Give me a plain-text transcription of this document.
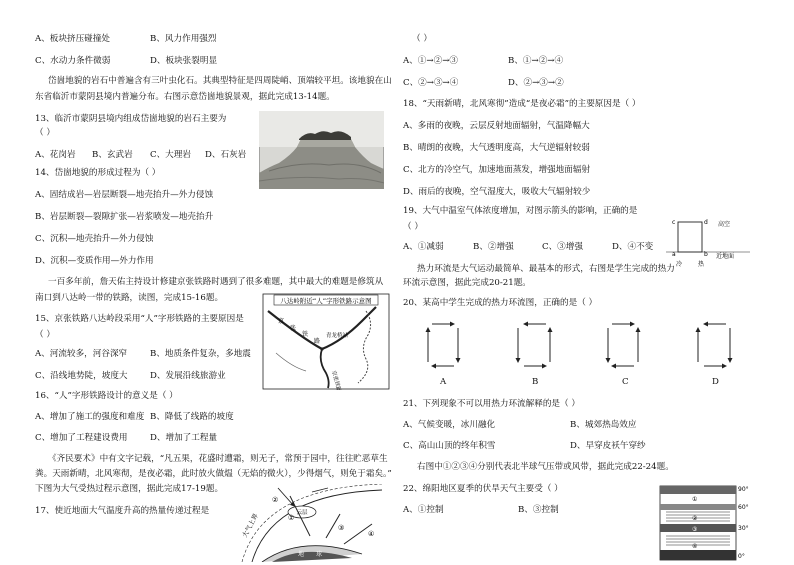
A、板块挤压碰撞处	B、风力作用强烈
C、水动力条件微弱	D、板块张裂明显
岱崮地貌的岩石中普遍含有三叶虫化石。其典型特征是四周陡峭、顶端较平坦。该地貌在山
东省临沂市蒙阴县境内普遍分布。右图示意岱崮地貌景观，据此完成13-14题。
13、临沂市蒙阴县境内组成岱崮地貌的岩石主要为
（ ）
A、花岗岩 B、玄武岩 C、大理岩 D、石灰岩
14、岱崮地貌的形成过程为（ ）
A、固结成岩—岩层断裂—地壳抬升—外力侵蚀
B、岩层断裂—裂隙扩张—岩浆喷发—地壳抬升
C、沉积—地壳抬升—外力侵蚀
D、沉积—变质作用—外力作用
一百多年前，詹天佑主持设计修建京张铁路时遇到了很多难题，其中最大的难题是修筑从
南口到八达岭一带的铁路，读图，完成15-16题。
15、京张铁路八达岭段采用“人”字形铁路的主要原因是
（ ）
A、河流较多，河谷深窄	B、地质条件复杂，多地震
C、沿线地势陡，坡度大	D、发展沿线旅游业
16、“人”字形铁路设计的意义是（ ）
A、增加了施工的强度和难度 B、降低了线路的坡度
C、增加了工程建设费用	D、增加了工程量
《齐民要术》中有文字记载，“凡五果，花盛时遭霜，则无子，常预于园中，往往贮恶草生
粪。天雨新晴，北风寒彻，是夜必霜，此时放火做煴（无焰的微火），少得烟气，则免于霜矣。”
下图为大气受热过程示意图，据此完成17-19题。
17、使近地面大气温度升高的热量传递过程是
八达岭附近“人”字形铁路示意图
京
张
铁
路
青龙桥站
京张铁路
大气上界	云层
①
②
③
④
地 球
（ ）
A、①→②→③	B、①→②→④
C、②→③→④	D、②→③→②
18、“天雨新晴，北风寒彻”造成“是夜必霜”的主要原因是（ ）
A、多雨的夜晚，云层反射地面辐射，气温降幅大
B、晴朗的夜晚，大气透明度高，大气逆辐射较弱
C、北方的冷空气，加速地面蒸发，增强地面辐射
D、雨后的夜晚，空气湿度大，吸收大气辐射较少
19、大气中温室气体浓度增加，对图示箭头的影响，正确的是
（ ）
A、①减弱	B、②增强	C、③增强	D、④不变
热力环流是大气运动最简单、最基本的形式，右图是学生完成的热力
环流示意图，据此完成20-21题。
20、某高中学生完成的热力环流图，正确的是（ ）
A	B	C	D
21、下列现象不可以用热力环流解释的是（ ）
A、气候变暖，冰川融化	B、城郊热岛效应
C、高山山顶的终年积雪	D、早穿皮袄午穿纱
右图中①②③④分别代表北半球气压带或风带，据此完成22-24题。
22、绵阳地区夏季的伏旱天气主要受（ ）
A、①控制	B、③控制
c	d
a	b
高空
近地面
冷	热
90°
60°
30°
0°
①
②
③
④
